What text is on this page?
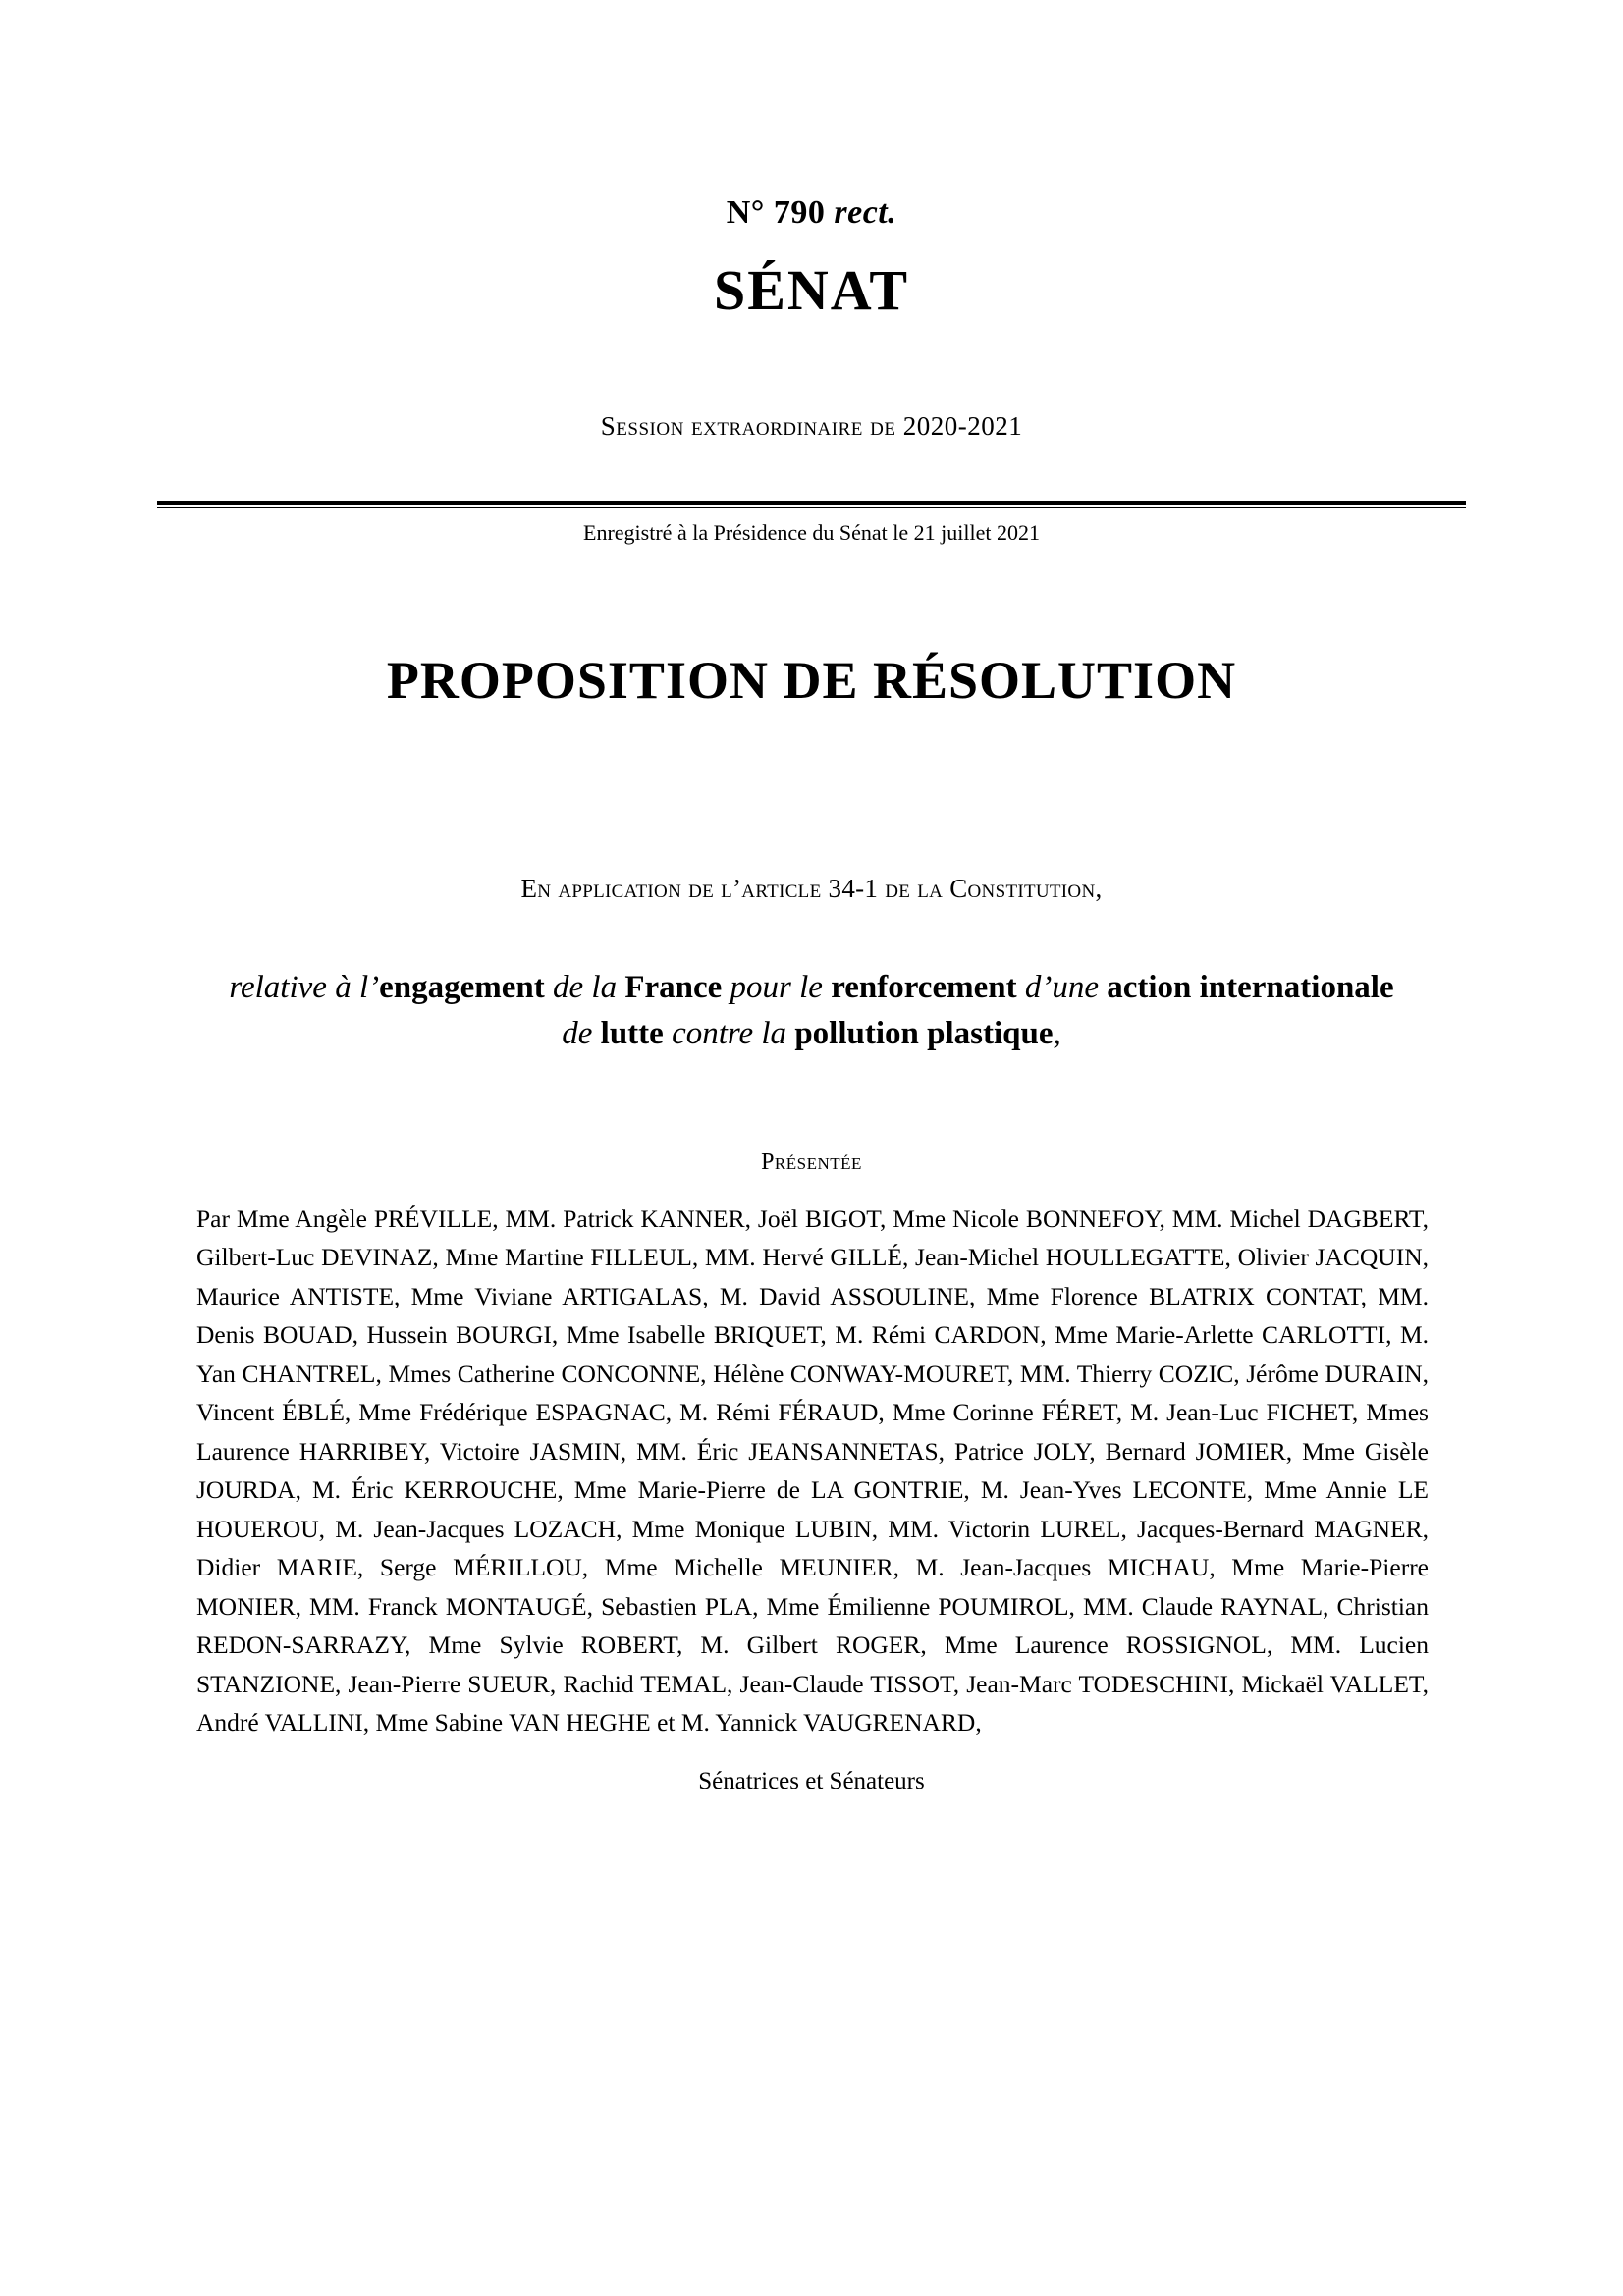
N° 790 rect.
SÉNAT
Session extraordinaire de 2020-2021
Enregistré à la Présidence du Sénat le 21 juillet 2021
PROPOSITION DE RÉSOLUTION
En application de l’article 34-1 de la Constitution,
relative à l’engagement de la France pour le renforcement d’une action internationale de lutte contre la pollution plastique,
Présentée

Par Mme Angèle PRÉVILLE, MM. Patrick KANNER, Joël BIGOT, Mme Nicole BONNEFOY, MM. Michel DAGBERT, Gilbert-Luc DEVINAZ, Mme Martine FILLEUL, MM. Hervé GILLÉ, Jean-Michel HOULLEGATTE, Olivier JACQUIN, Maurice ANTISTE, Mme Viviane ARTIGALAS, M. David ASSOULINE, Mme Florence BLATRIX CONTAT, MM. Denis BOUAD, Hussein BOURGI, Mme Isabelle BRIQUET, M. Rémi CARDON, Mme Marie-Arlette CARLOTTI, M. Yan CHANTREL, Mmes Catherine CONCONNE, Hélène CONWAY-MOURET, MM. Thierry COZIC, Jérôme DURAIN, Vincent ÉBLÉ, Mme Frédérique ESPAGNAC, M. Rémi FÉRAUD, Mme Corinne FÉRET, M. Jean-Luc FICHET, Mmes Laurence HARRIBEY, Victoire JASMIN, MM. Éric JEANSANNETAS, Patrice JOLY, Bernard JOMIER, Mme Gisèle JOURDA, M. Éric KERROUCHE, Mme Marie-Pierre de LA GONTRIE, M. Jean-Yves LECONTE, Mme Annie LE HOUEROU, M. Jean-Jacques LOZACH, Mme Monique LUBIN, MM. Victorin LUREL, Jacques-Bernard MAGNER, Didier MARIE, Serge MÉRILLOU, Mme Michelle MEUNIER, M. Jean-Jacques MICHAU, Mme Marie-Pierre MONIER, MM. Franck MONTAUGÉ, Sebastien PLA, Mme Émilienne POUMIROL, MM. Claude RAYNAL, Christian REDON-SARRAZY, Mme Sylvie ROBERT, M. Gilbert ROGER, Mme Laurence ROSSIGNOL, MM. Lucien STANZIONE, Jean-Pierre SUEUR, Rachid TEMAL, Jean-Claude TISSOT, Jean-Marc TODESCHINI, Mickaël VALLET, André VALLINI, Mme Sabine VAN HEGHE et M. Yannick VAUGRENARD,

Sénatrices et Sénateurs
